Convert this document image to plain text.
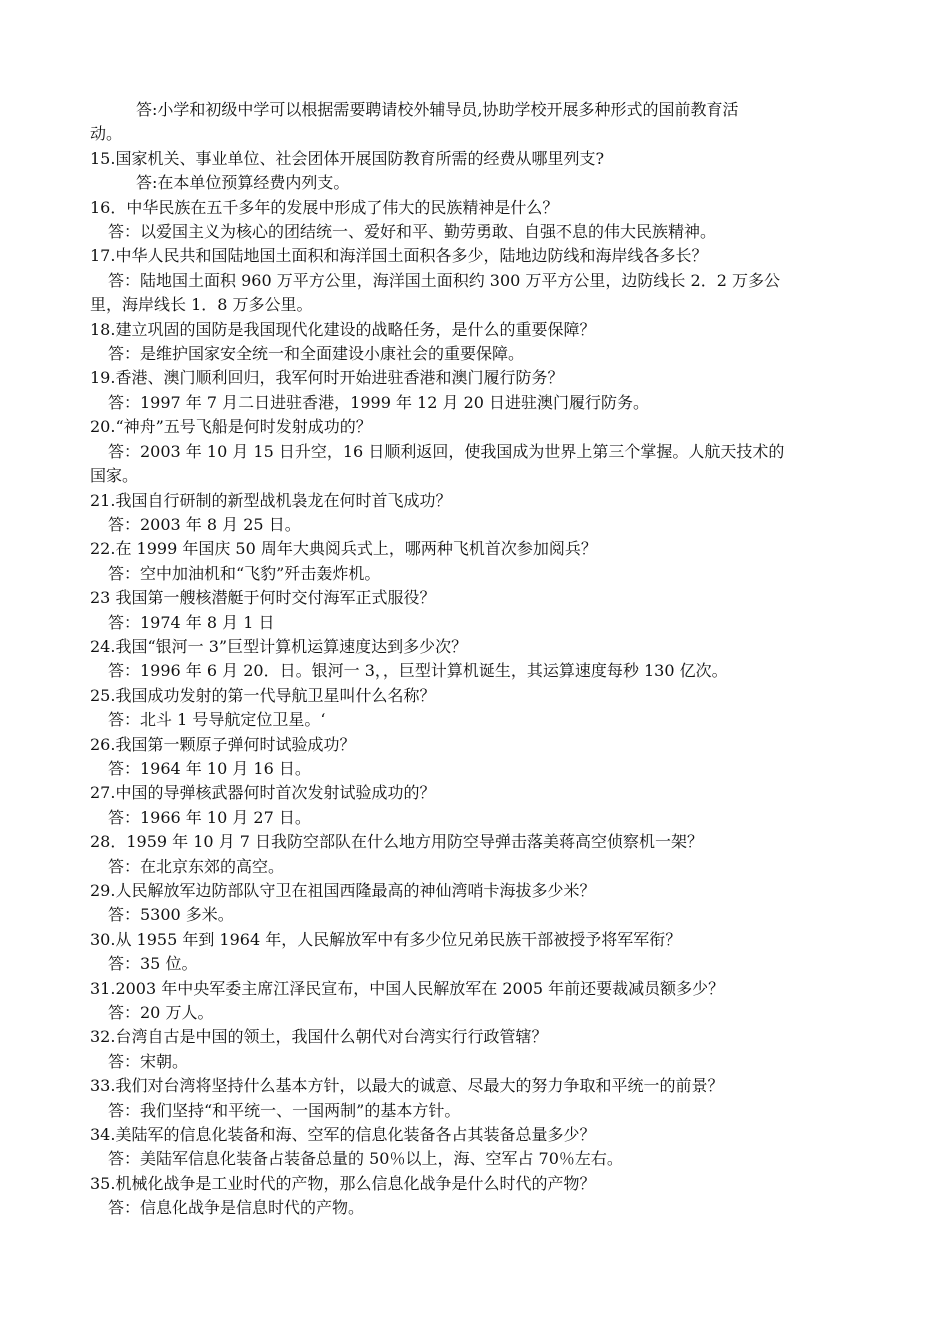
答:小学和初级中学可以根据需要聘请校外辅导员,协助学校开展多种形式的国前教育活
动。
15.国家机关、事业单位、社会团体开展国防教育所需的经费从哪里列支?
答:在本单位预算经费内列支。
16．中华民族在五千多年的发展中形成了伟大的民族精神是什么？
答：以爱国主义为核心的团结统一、爱好和平、勤劳勇敢、自强不息的伟大民族精神。
17.中华人民共和国陆地国土面积和海洋国土面积各多少，陆地边防线和海岸线各多长？
答：陆地国土面积 960 万平方公里，海洋国土面积约 300 万平方公里，边防线长 2．2 万多公
里，海岸线长 1．8 万多公里。
18.建立巩固的国防是我国现代化建设的战略任务，是什么的重要保障？
答：是维护国家安全统一和全面建设小康社会的重要保障。
19.香港、澳门顺利回归，我军何时开始进驻香港和澳门履行防务？
答：1997 年 7 月二日进驻香港，1999 年 12 月 20 日进驻澳门履行防务。
20.“神舟”五号飞船是何时发射成功的？
答：2003 年 10 月 15 日升空，16 日顺利返回，使我国成为世界上第三个掌握。人航天技术的
国家。
21.我国自行研制的新型战机袅龙在何时首飞成功？
答：2003 年 8 月 25 日。
22.在 1999 年国庆 50 周年大典阅兵式上，哪两种飞机首次参加阅兵？
答：空中加油机和“飞豹”歼击轰炸机。
23 我国第一艘核潜艇于何时交付海军正式服役？
答：1974 年 8 月 1 日
24.我国“银河一 3”巨型计算机运算速度达到多少次？
答：1996 年 6 月 20．日。银河一 3，，巨型计算机诞生，其运算速度每秒 130 亿次。
25.我国成功发射的第一代导航卫星叫什么名称？
答：北斗 1 号导航定位卫星。‘
26.我国第一颗原子弹何时试验成功？
答：1964 年 10 月 16 日。
27.中国的导弹核武器何时首次发射试验成功的？
答：1966 年 10 月 27 日。
28．1959 年 10 月 7 日我防空部队在什么地方用防空导弹击落美蒋高空侦察机一架？
答：在北京东郊的高空。
29.人民解放军边防部队守卫在祖国西隆最高的神仙湾哨卡海拔多少米？
答：5300 多米。
30.从 1955 年到 1964 年，人民解放军中有多少位兄弟民族干部被授予将军军衔？
答：35 位。
31.2003 年中央军委主席江泽民宣布，中国人民解放军在 2005 年前还要裁减员额多少？
答：20 万人。
32.台湾自古是中国的领土，我国什么朝代对台湾实行行政管辖？
答：宋朝。
33.我们对台湾将坚持什么基本方针，以最大的诚意、尽最大的努力争取和平统一的前景？
答：我们坚持“和平统一、一国两制”的基本方针。
34.美陆军的信息化装备和海、空军的信息化装备各占其装备总量多少？
答：美陆军信息化装备占装备总量的 50％以上，海、空军占 70％左右。
35.机械化战争是工业时代的产物，那么信息化战争是什么时代的产物？
答：信息化战争是信息时代的产物。
